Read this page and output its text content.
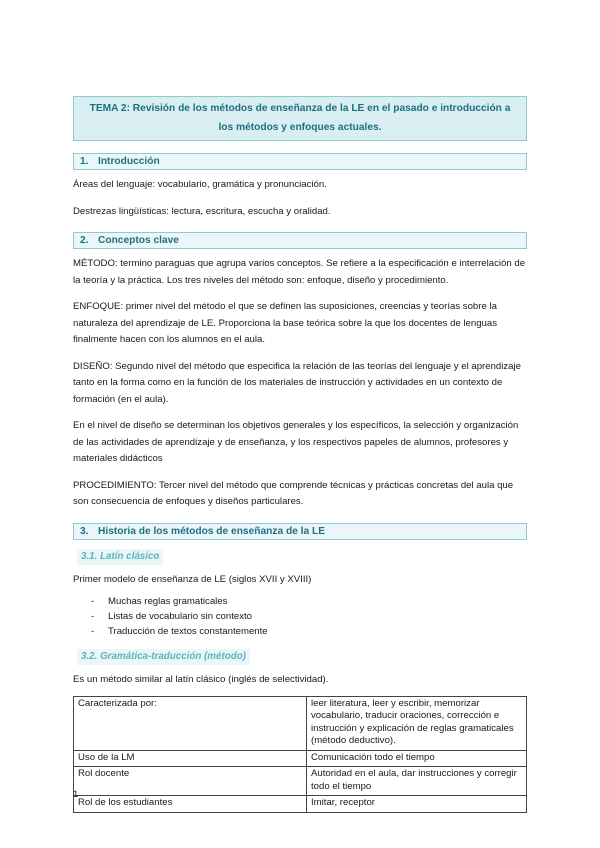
TEMA 2: Revisión de los métodos de enseñanza de la LE en el pasado e introducción a los métodos y enfoques actuales.
1. Introducción

Áreas del lenguaje: vocabulario, gramática y pronunciación.

Destrezas lingüísticas: lectura, escritura, escucha y oralidad.

2. Conceptos clave

MÉTODO: termino paraguas que agrupa varios conceptos. Se refiere a la especificación e interrelación de la teoría y la práctica. Los tres niveles del método son: enfoque, diseño y procedimiento.

ENFOQUE: primer nivel del método el que se definen las suposiciones, creencias y teorías sobre la naturaleza del aprendizaje de LE. Proporciona la base teórica sobre la que los docentes de lenguas finalmente hacen con los alumnos en el aula.

DISEÑO: Segundo nivel del método que especifica la relación de las teorías del lenguaje y el aprendizaje tanto en la forma como en la función de los materiales de instrucción y actividades en un contexto de formación (en el aula).

En el nivel de diseño se determinan los objetivos generales y los específicos, la selección y organización de las actividades de aprendizaje y de enseñanza, y los respectivos papeles de alumnos, profesores y materiales didácticos

PROCEDIMIENTO: Tercer nivel del método que comprende técnicas y prácticas concretas del aula que son consecuencia de enfoques y diseños particulares.

3. Historia de los métodos de enseñanza de la LE
3.1. Latín clásico

Primer modelo de enseñanza de LE (siglos XVII y XVIII)

- Muchas reglas gramaticales
- Listas de vocabulario sin contexto
- Traducción de textos constantemente
3.2. Gramática-traducción (método)

Es un método similar al latín clásico (inglés de selectividad).

Caracterizada por:	leer literatura, leer y escribir, memorizar vocabulario, traducir oraciones, corrección e instrucción y explicación de reglas gramaticales (método deductivo).
Uso de la LM	Comunicación todo el tiempo
Rol docente	Autoridad en el aula, dar instrucciones y corregir todo el tiempo
Rol de los estudiantes	Imitar, receptor
1
